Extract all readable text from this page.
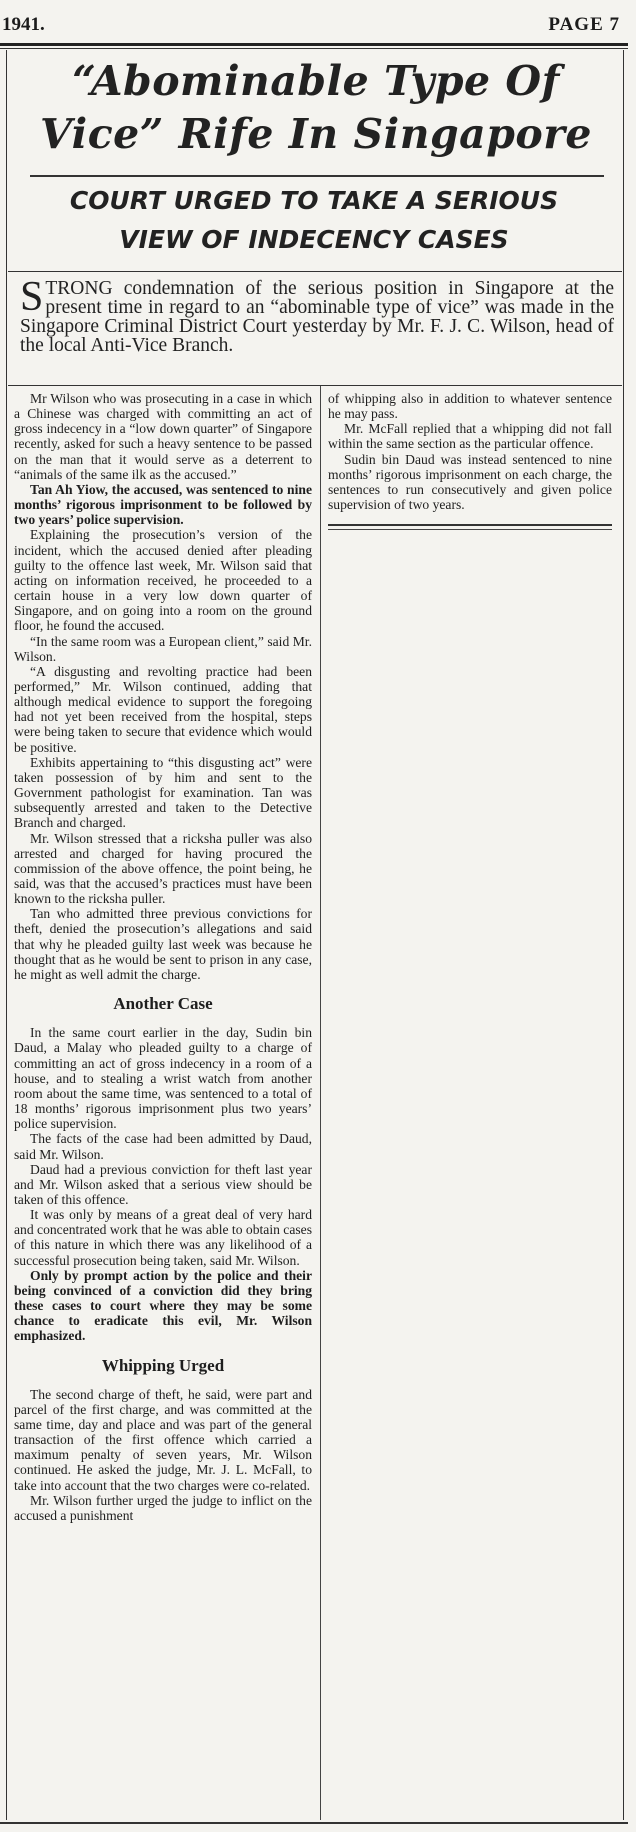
1941.	PAGE 7
“Abominable Type Of
Vice” Rife In Singapore
COURT URGED TO TAKE A SERIOUS
VIEW OF INDECENCY CASES
STRONG condemnation of the serious position in Singapore at the present time in regard to an “abominable type of vice” was made in the Singapore Criminal District Court yesterday by Mr. F. J. C. Wilson, head of the local Anti-Vice Branch.

Mr Wilson who was prosecuting in a case in which a Chinese was charged with committing an act of gross indecency in a “low down quarter” of Singapore recently, asked for such a heavy sentence to be passed on the man that it would serve as a deterrent to “animals of the same ilk as the accused.”

Tan Ah Yiow, the accused, was sentenced to nine months’ rigorous imprisonment to be followed by two years’ police supervision.

Explaining the prosecution’s version of the incident, which the accused denied after pleading guilty to the offence last week, Mr. Wilson said that acting on information received, he proceeded to a certain house in a very low down quarter of Singapore, and on going into a room on the ground floor, he found the accused.

“In the same room was a European client,” said Mr. Wilson.

“A disgusting and revolting practice had been performed,” Mr. Wilson continued, adding that although medical evidence to support the foregoing had not yet been received from the hospital, steps were being taken to secure that evidence which would be positive.

Exhibits appertaining to “this disgusting act” were taken possession of by him and sent to the Government pathologist for examination. Tan was subsequently arrested and taken to the Detective Branch and charged.

Mr. Wilson stressed that a ricksha puller was also arrested and charged for having procured the commission of the above offence, the point being, he said, was that the accused’s practices must have been known to the ricksha puller.

Tan who admitted three previous convictions for theft, denied the prosecution’s allegations and said that why he pleaded guilty last week was because he thought that as he would be sent to prison in any case, he might as well admit the charge.

Another Case

In the same court earlier in the day, Sudin bin Daud, a Malay who pleaded guilty to a charge of committing an act of gross indecency in a room of a house, and to stealing a wrist watch from another room about the same time, was sentenced to a total of 18 months’ rigorous imprisonment plus two years’ police supervision.

The facts of the case had been admitted by Daud, said Mr. Wilson.

Daud had a previous conviction for theft last year and Mr. Wilson asked that a serious view should be taken of this offence.

It was only by means of a great deal of very hard and concentrated work that he was able to obtain cases of this nature in which there was any likelihood of a successful prosecution being taken, said Mr. Wilson.

Only by prompt action by the police and their being convinced of a conviction did they bring these cases to court where they may be some chance to eradicate this evil, Mr. Wilson emphasized.

Whipping Urged

The second charge of theft, he said, were part and parcel of the first charge, and was committed at the same time, day and place and was part of the general transaction of the first offence which carried a maximum penalty of seven years, Mr. Wilson continued. He asked the judge, Mr. J. L. McFall, to take into account that the two charges were co-related.

Mr. Wilson further urged the judge to inflict on the accused a punishment

of whipping also in addition to whatever sentence he may pass.

Mr. McFall replied that a whipping did not fall within the same section as the particular offence.

Sudin bin Daud was instead sentenced to nine months’ rigorous imprisonment on each charge, the sentences to run consecutively and given police supervision of two years.
